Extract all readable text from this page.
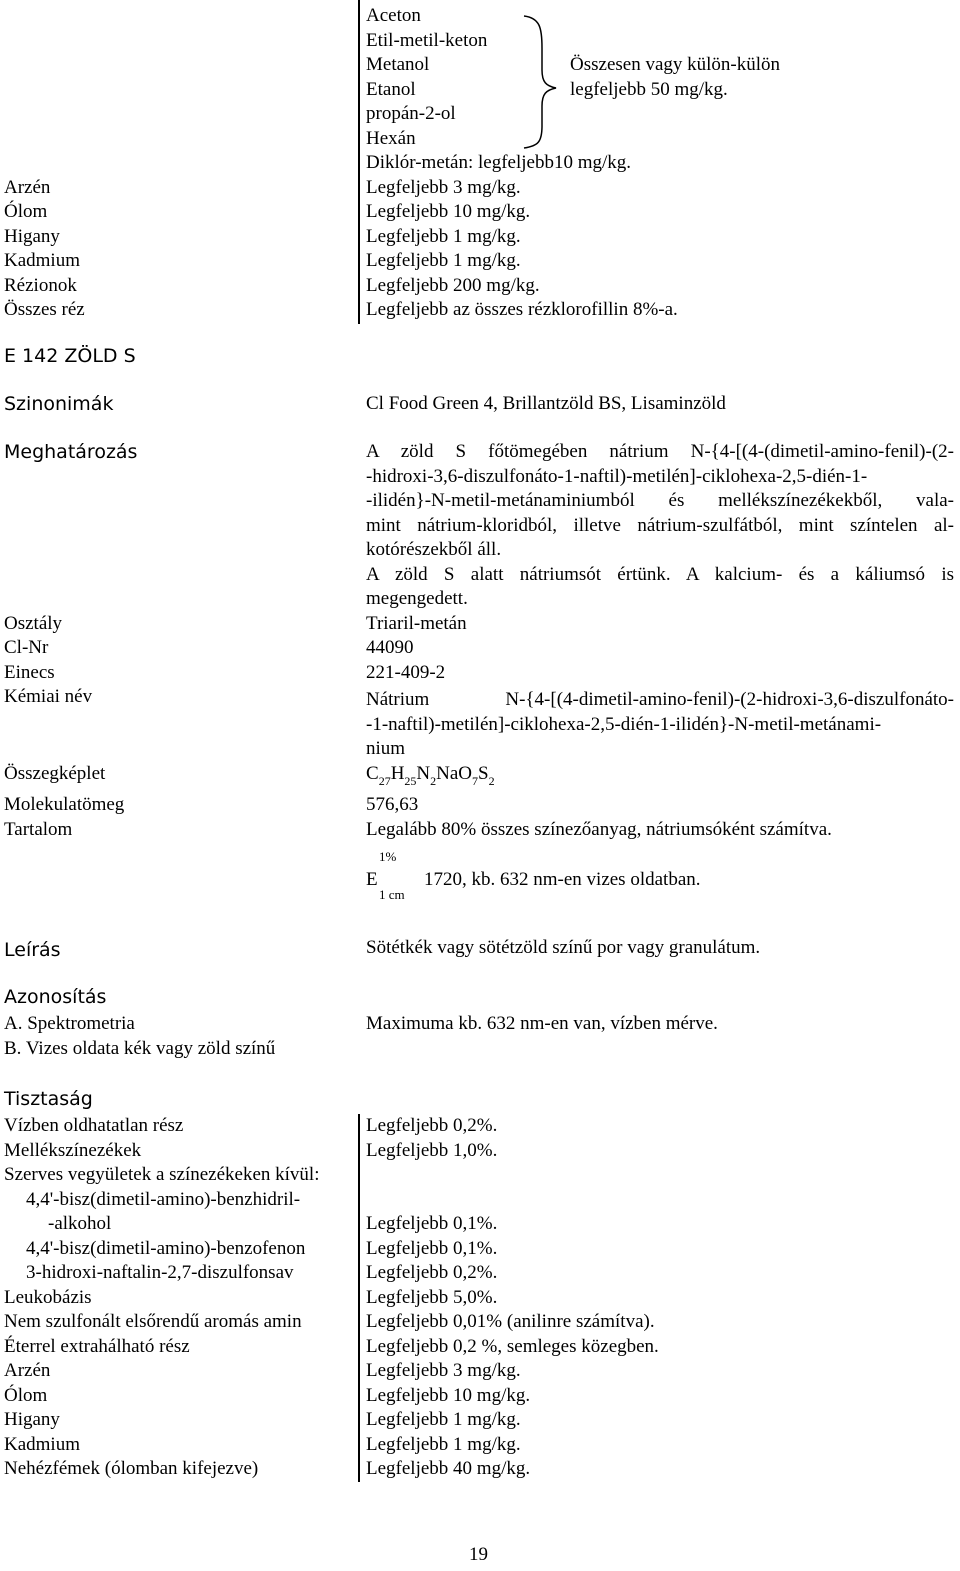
Aceton
Etil-metil-keton
Metanol
Etanol
propán-2-ol
Hexán
Összesen vagy külön-külön
legfeljebb 50 mg/kg.
Diklór-metán: legfeljebb10 mg/kg.
Arzén	Legfeljebb 3 mg/kg.
Ólom	Legfeljebb 10 mg/kg.
Higany	Legfeljebb 1 mg/kg.
Kadmium	Legfeljebb 1 mg/kg.
Rézionok	Legfeljebb 200 mg/kg.
Összes réz	Legfeljebb az összes rézklorofillin 8%-a.
E 142 ZÖLD S
Szinonimák	Cl Food Green 4, Brillantzöld BS, Lisaminzöld
Meghatározás	A zöld S főtömegében nátrium N-{4-[(4-(dimetil-amino-fenil)-(2-
-hidroxi-3,6-diszulfonáto-1-naftil)-metilén]-ciklohexa-2,5-dién-1-
-ilidén}-N-metil-metánaminiumból és mellékszínezékekből, vala-
mint nátrium-kloridból, illetve nátrium-szulfátból, mint színtelen al-
kotórészekből áll.
A zöld S alatt nátriumsót értünk. A kalcium- és a káliumsó is
megengedett.
Osztály	Triaril-metán
Cl-Nr	44090
Einecs	221-409-2
Kémiai név	Nátrium N-{4-[(4-dimetil-amino-fenil)-(2-hidroxi-3,6-diszulfonáto-
-1-naftil)-metilén]-ciklohexa-2,5-dién-1-ilidén}-N-metil-metánami-
nium
Összegképlet	$C_{27}H_{25}N_2NaO_7S_2$
Molekulatömeg	576,63
Tartalom	Legalább 80% összes színezőanyag, nátriumsóként számítva.
1%
E
1 cm
1720, kb. 632 nm-en vizes oldatban.
Leírás	Sötétkék vagy sötétzöld színű por vagy granulátum.
Azonosítás
A. Spektrometria	Maximuma kb. 632 nm-en van, vízben mérve.
B. Vizes oldata kék vagy zöld színű
Tisztaság
Vízben oldhatatlan rész	Legfeljebb 0,2%.
Mellékszínezékek	Legfeljebb 1,0%.
Szerves vegyületek a színezékeken kívül:
4,4'-bisz(dimetil-amino)-benzhidril-
-alkohol	Legfeljebb 0,1%.
4,4'-bisz(dimetil-amino)-benzofenon	Legfeljebb 0,1%.
3-hidroxi-naftalin-2,7-diszulfonsav	Legfeljebb 0,2%.
Leukobázis	Legfeljebb 5,0%.
Nem szulfonált elsőrendű aromás amin	Legfeljebb 0,01% (anilinre számítva).
Éterrel extrahálható rész	Legfeljebb 0,2 %, semleges közegben.
Arzén	Legfeljebb 3 mg/kg.
Ólom	Legfeljebb 10 mg/kg.
Higany	Legfeljebb 1 mg/kg.
Kadmium	Legfeljebb 1 mg/kg.
Nehézfémek (ólomban kifejezve)	Legfeljebb 40 mg/kg.
19
